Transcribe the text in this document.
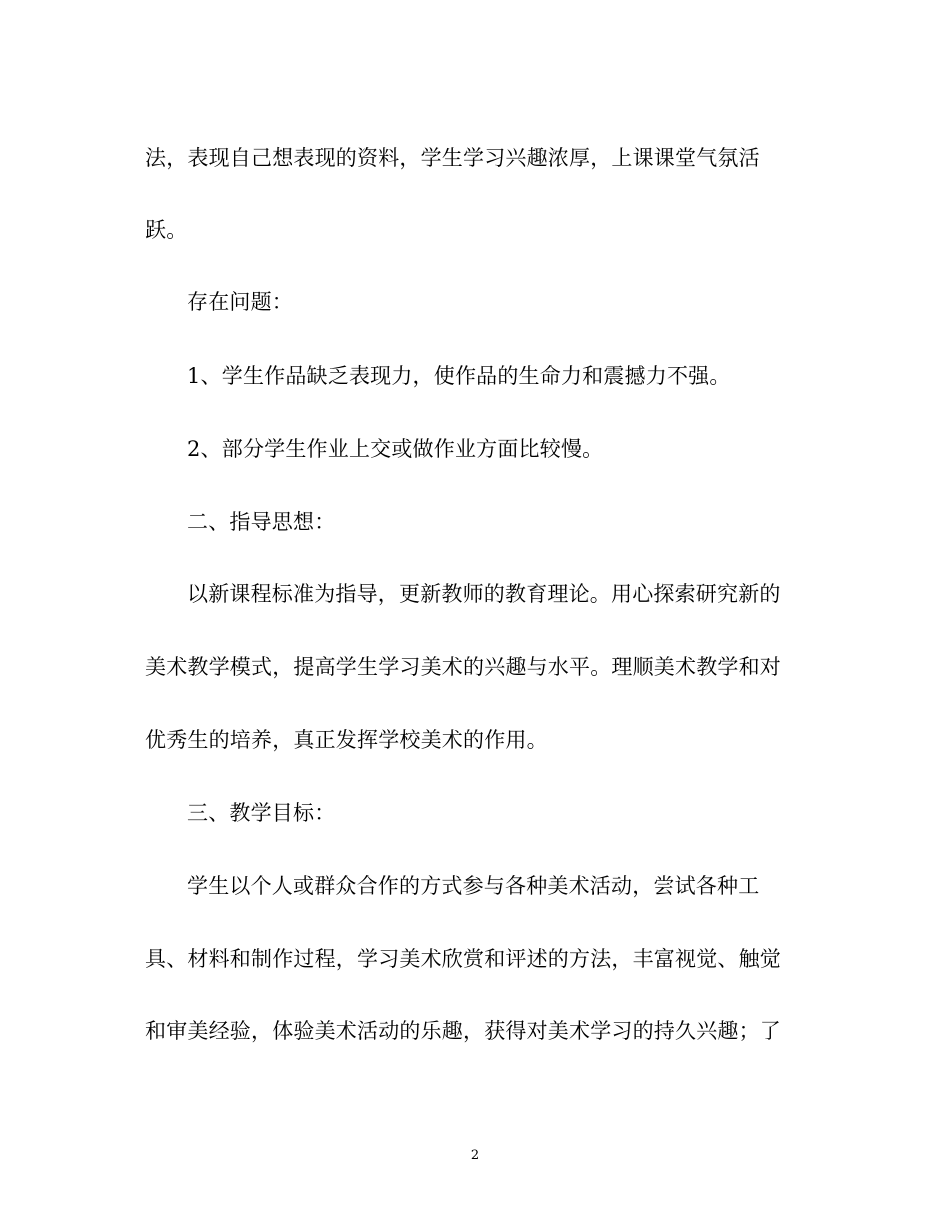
法，表现自己想表现的资料，学生学习兴趣浓厚，上课课堂气氛活
跃。
存在问题：
1、学生作品缺乏表现力，使作品的生命力和震撼力不强。
2、部分学生作业上交或做作业方面比较慢。
二、指导思想：
以新课程标准为指导，更新教师的教育理论。用心探索研究新的
美术教学模式，提高学生学习美术的兴趣与水平。理顺美术教学和对
优秀生的培养，真正发挥学校美术的作用。
三、教学目标：
学生以个人或群众合作的方式参与各种美术活动，尝试各种工
具、材料和制作过程，学习美术欣赏和评述的方法，丰富视觉、触觉
和审美经验，体验美术活动的乐趣，获得对美术学习的持久兴趣；了
2
